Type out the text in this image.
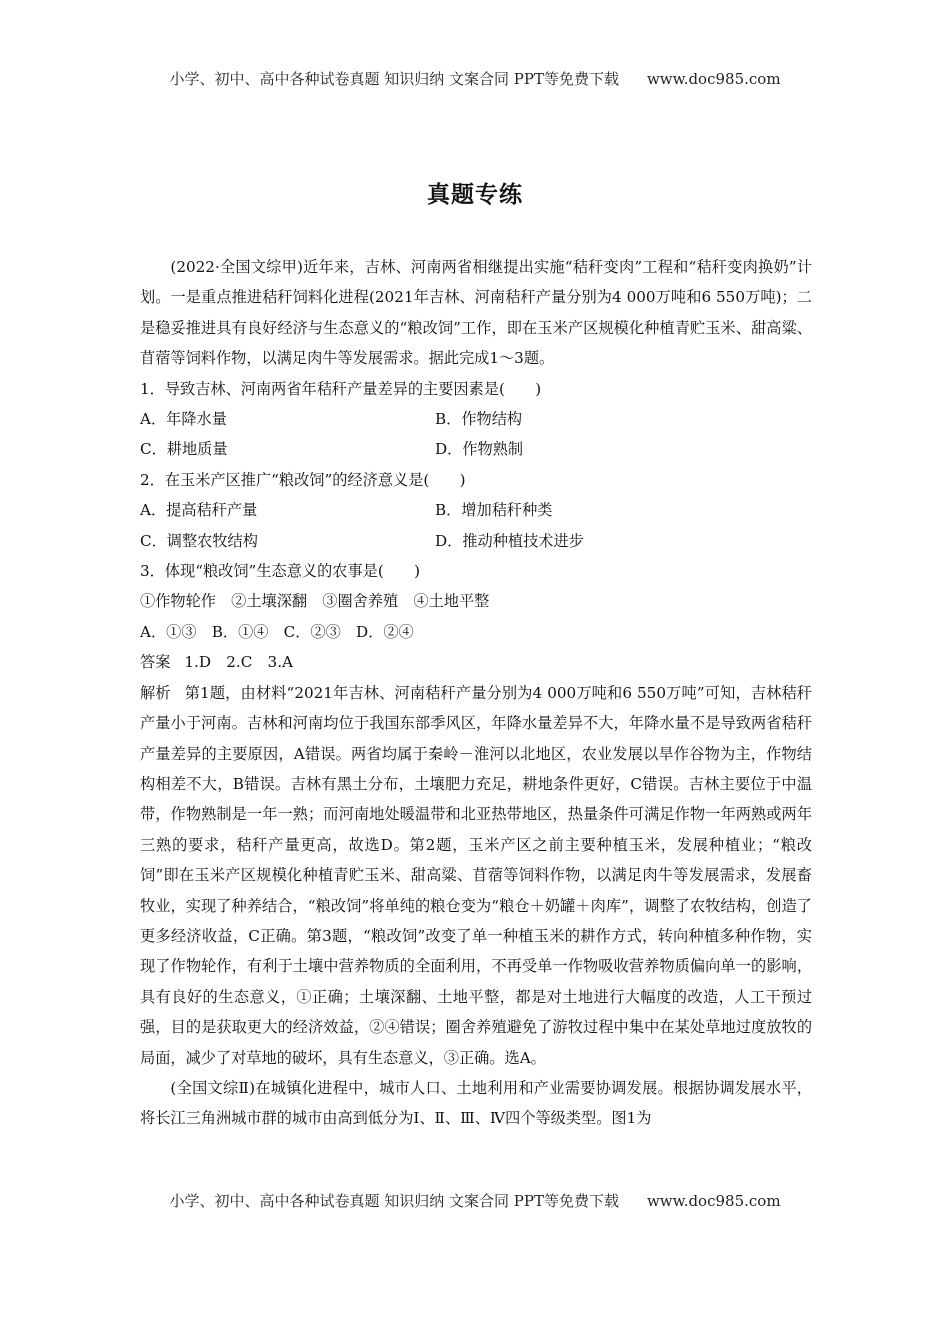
小学、初中、高中各种试卷真题 知识归纳 文案合同 PPT等免费下载 www.doc985.com
真题专练

(2022·全国文综甲)近年来，吉林、河南两省相继提出实施“秸秆变肉”工程和“秸秆变肉换奶”计划。一是重点推进秸秆饲料化进程(2021年吉林、河南秸秆产量分别为4 000万吨和6 550万吨)；二是稳妥推进具有良好经济与生态意义的“粮改饲”工作，即在玉米产区规模化种植青贮玉米、甜高粱、苜蓿等饲料作物，以满足肉牛等发展需求。据此完成1～3题。

1．导致吉林、河南两省年秸秆产量差异的主要因素是(　　)

A．年降水量	B．作物结构
C．耕地质量	D．作物熟制

2．在玉米产区推广“粮改饲”的经济意义是(　　)

A．提高秸秆产量	B．增加秸秆种类
C．调整农牧结构	D．推动种植技术进步

3．体现“粮改饲”生态意义的农事是(　　)

①作物轮作　②土壤深翻　③圈舍养殖　④土地平整

A．①③　B．①④　C．②③　D．②④

答案 1.D　2.C　3.A

解析 第1题，由材料“2021年吉林、河南秸秆产量分别为4 000万吨和6 550万吨”可知，吉林秸秆产量小于河南。吉林和河南均位于我国东部季风区，年降水量差异不大，年降水量不是导致两省秸秆产量差异的主要原因，A错误。两省均属于秦岭－淮河以北地区，农业发展以旱作谷物为主，作物结构相差不大，B错误。吉林有黑土分布，土壤肥力充足，耕地条件更好，C错误。吉林主要位于中温带，作物熟制是一年一熟；而河南地处暖温带和北亚热带地区，热量条件可满足作物一年两熟或两年三熟的要求，秸秆产量更高，故选D。第2题，玉米产区之前主要种植玉米，发展种植业；“粮改饲”即在玉米产区规模化种植青贮玉米、甜高粱、苜蓿等饲料作物，以满足肉牛等发展需求，发展畜牧业，实现了种养结合，“粮改饲”将单纯的粮仓变为“粮仓＋奶罐＋肉库”，调整了农牧结构，创造了更多经济收益，C正确。第3题，“粮改饲”改变了单一种植玉米的耕作方式，转向种植多种作物，实现了作物轮作，有利于土壤中营养物质的全面利用，不再受单一作物吸收营养物质偏向单一的影响，具有良好的生态意义，①正确；土壤深翻、土地平整，都是对土地进行大幅度的改造，人工干预过强，目的是获取更大的经济效益，②④错误；圈舍养殖避免了游牧过程中集中在某处草地过度放牧的局面，减少了对草地的破坏，具有生态意义，③正确。选A。

(全国文综Ⅱ)在城镇化进程中，城市人口、土地利用和产业需要协调发展。根据协调发展水平，将长江三角洲城市群的城市由高到低分为Ⅰ、Ⅱ、Ⅲ、Ⅳ四个等级类型。图1为

小学、初中、高中各种试卷真题 知识归纳 文案合同 PPT等免费下载 www.doc985.com
